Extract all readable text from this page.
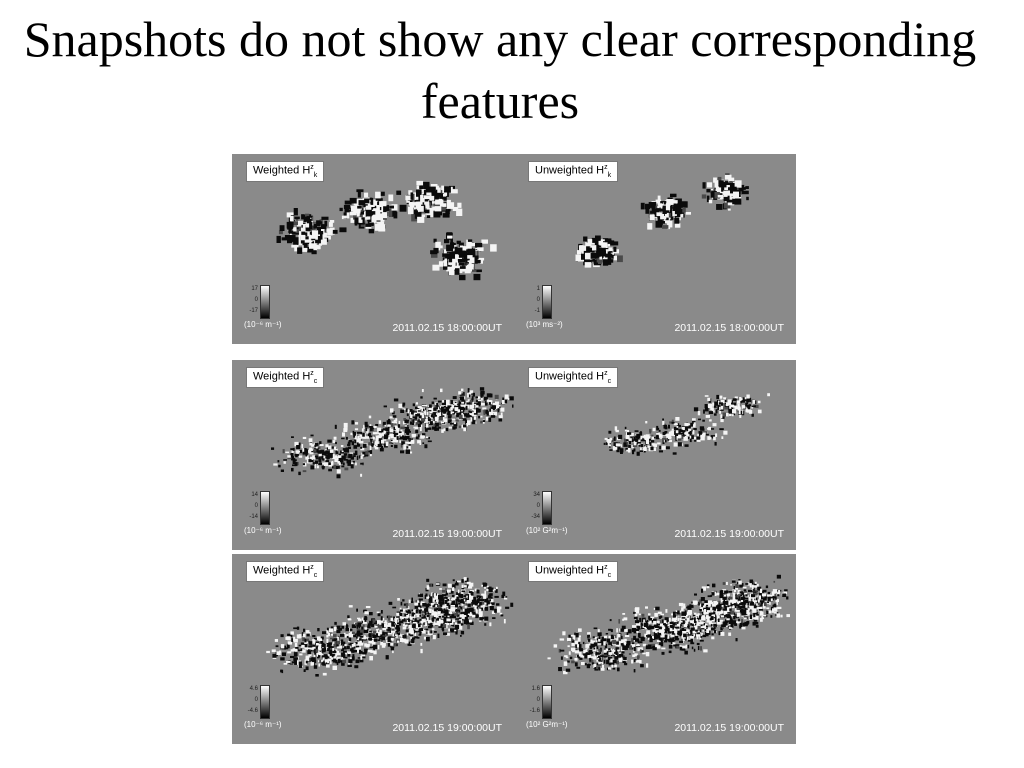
Snapshots do not show any clear corresponding features
Weighted $H^z_k$
17
0
-17
(10⁻⁶ m⁻¹)	2011.02.15 18:00:00UT
Unweighted $H^z_k$
1
0
-1
(10³ ms⁻²)	2011.02.15 18:00:00UT
Weighted $H^z_c$
14
0
-14
(10⁻⁶ m⁻¹)	2011.02.15 19:00:00UT
Unweighted $H^z_c$
34
0
-34
(10² G²m⁻¹)	2011.02.15 19:00:00UT
Weighted $H^z_c$
4.6
0
-4.6
(10⁻⁶ m⁻¹)	2011.02.15 19:00:00UT
Unweighted $H^z_c$
1.6
0
-1.6
(10² G²m⁻¹)	2011.02.15 19:00:00UT
